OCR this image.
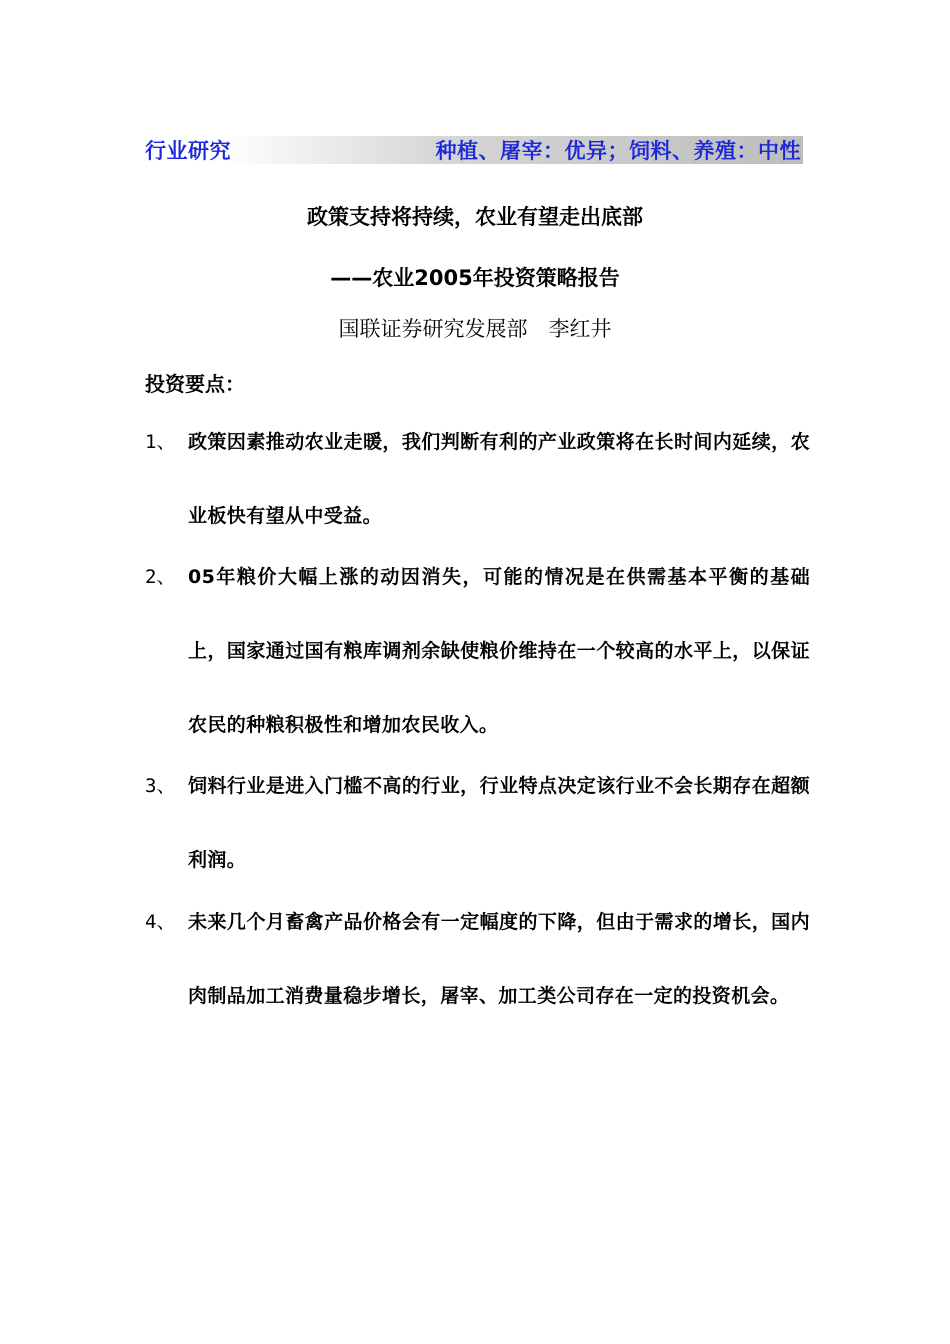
行业研究	种植、屠宰：优异；饲料、养殖：中性
政策支持将持续，农业有望走出底部
——农业2005年投资策略报告
国联证券研究发展部　李红井
投资要点：
1、 政策因素推动农业走暖，我们判断有利的产业政策将在长时间内延续，农业板快有望从中受益。
2、 05年粮价大幅上涨的动因消失，可能的情况是在供需基本平衡的基础上，国家通过国有粮库调剂余缺使粮价维持在一个较高的水平上，以保证农民的种粮积极性和增加农民收入。
3、 饲料行业是进入门槛不高的行业，行业特点决定该行业不会长期存在超额利润。
4、 未来几个月畜禽产品价格会有一定幅度的下降，但由于需求的增长，国内肉制品加工消费量稳步增长，屠宰、加工类公司存在一定的投资机会。
